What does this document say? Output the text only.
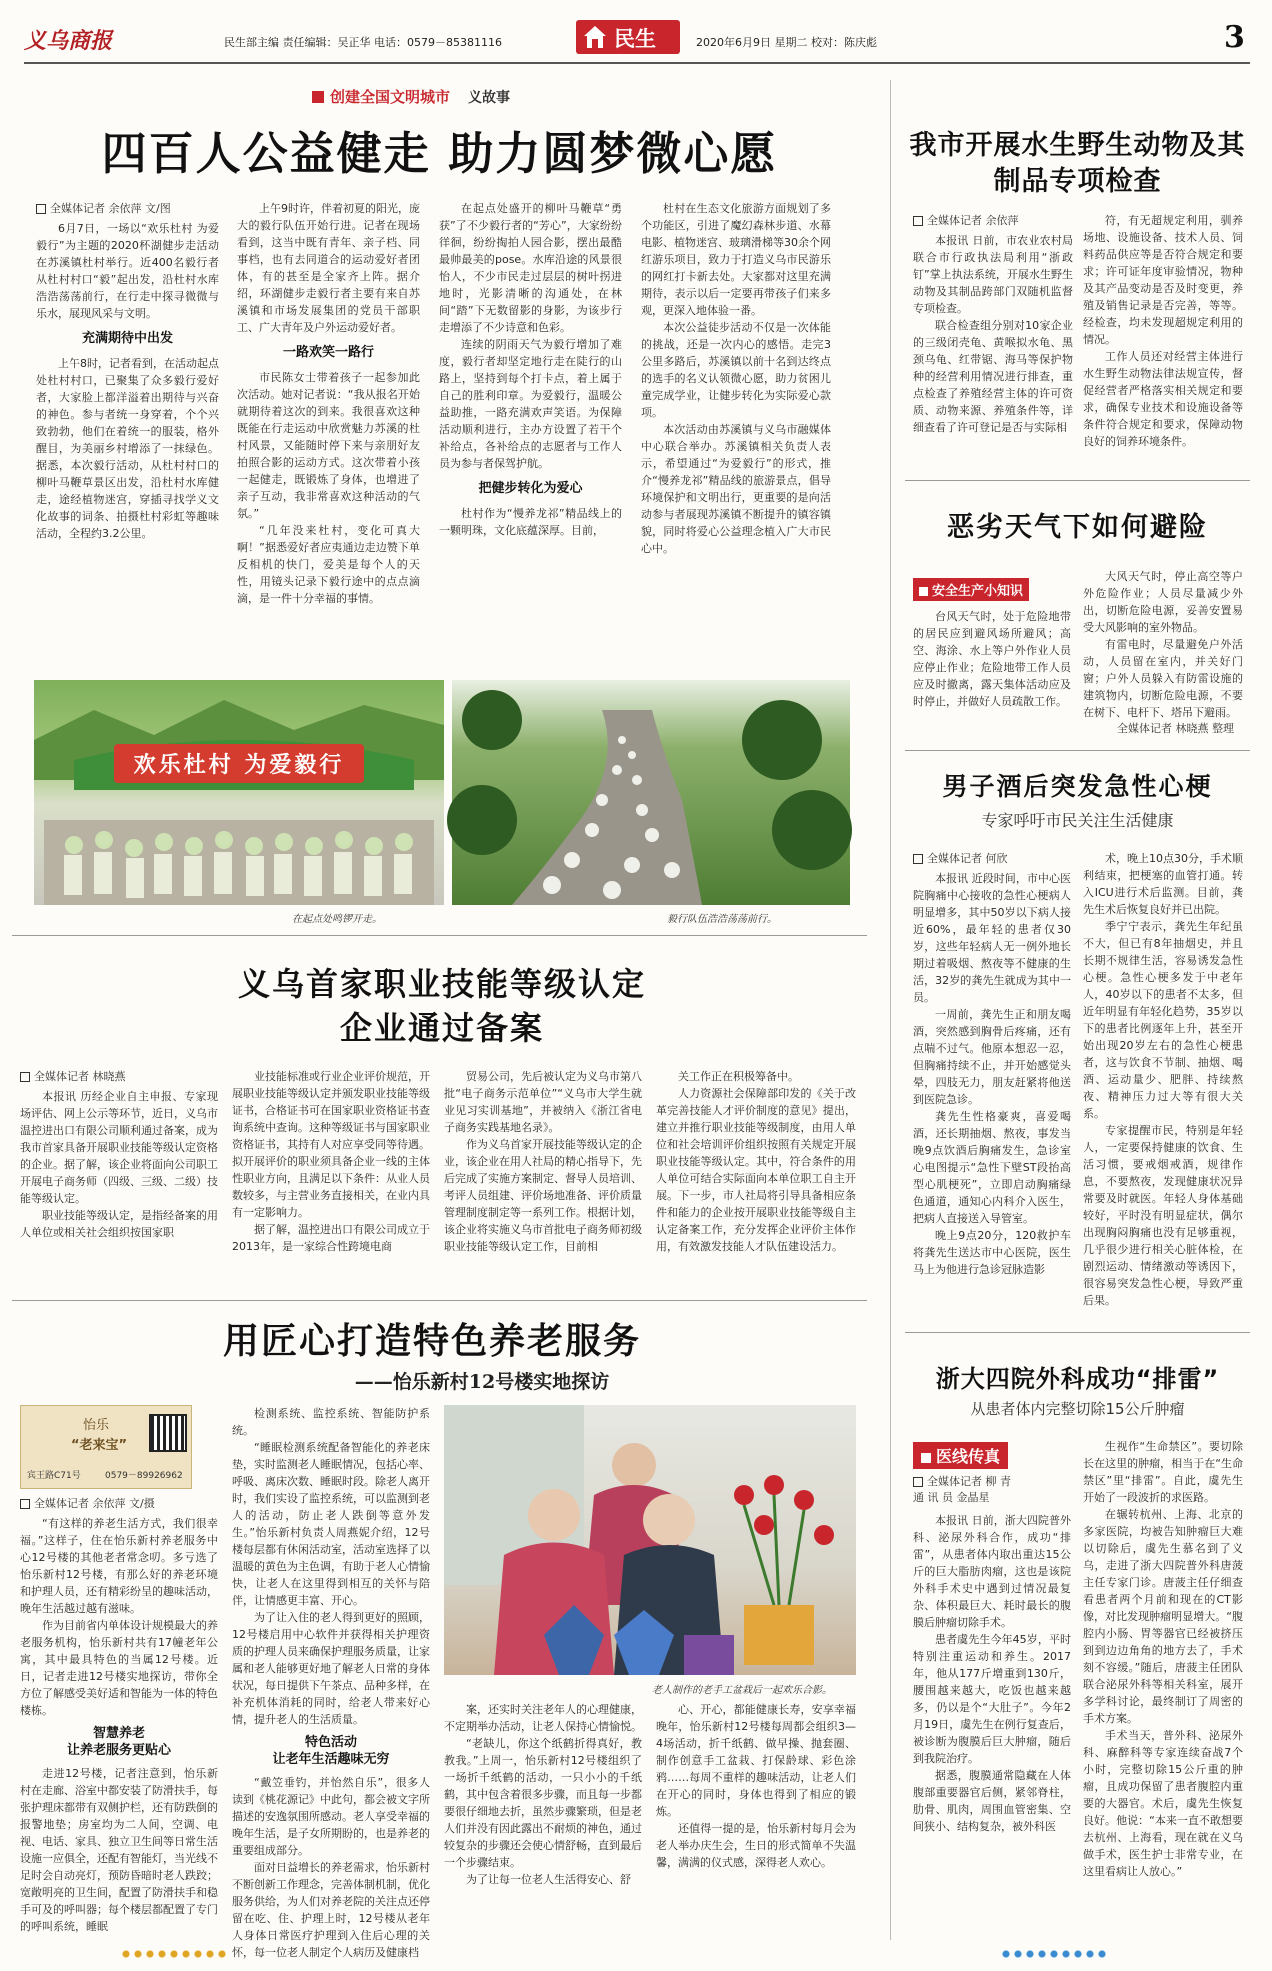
义乌商报	民生部主编 责任编辑：吴正华 电话：0579－85381116	民生	2020年6月9日 星期二 校对：陈庆彪	3
创建全国文明城市 义故事
四百人公益健走 助力圆梦微心愿
全媒体记者 余依萍 文/图

6月7日，一场以“欢乐杜村 为爱毅行”为主题的2020杯湖健步走活动在苏溪镇杜村举行。近400名毅行者从杜村村口“毅”起出发，沿杜村水库浩浩荡荡前行，在行走中探寻微微与乐水，展现风采与文明。

充满期待中出发

上午8时，记者看到，在活动起点处杜村村口，已聚集了众多毅行爱好者，大家脸上都洋溢着出期待与兴奋的神色。参与者统一身穿着，个个兴致勃勃，他们在着统一的服装，格外醒目，为美丽乡村增添了一抹绿色。据悉，本次毅行活动，从杜村村口的柳叶马鞭草景区出发，沿杜村水库健走，途经植物迷宫，穿插寻找学义文化故事的词条、拍摄杜村彩虹等趣味活动，全程约3.2公里。

上午9时许，伴着初夏的阳光，庞大的毅行队伍开始行进。记者在现场看到，这当中既有青年、亲子档、同事档，也有去同道合的运动爱好者团体，有的甚至是全家齐上阵。据介绍，环湖健步走毅行者主要有来自苏溪镇和市场发展集团的党员干部职工、广大青年及户外运动爱好者。

一路欢笑一路行

市民陈女士带着孩子一起参加此次活动。她对记者说：“我从报名开始就期待着这次的到来。我很喜欢这种既能在行走运动中欣赏魅力苏溪的杜村风景，又能随时停下来与亲朋好友拍照合影的运动方式。这次带着小孩一起健走，既锻炼了身体，也增进了亲子互动，我非常喜欢这种活动的气氛。”

“几年没来杜村，变化可真大啊！”据悉爱好者应夷通边走边赞下单反相机的快门，爱美是每个人的天性，用镜头记录下毅行途中的点点滴滴，是一件十分幸福的事情。

在起点处盛开的柳叶马鞭草“勇获”了不少毅行者的“芳心”，大家纷纷徉徊，纷纷掏拍人园合影，摆出最酷最帅最美的pose。水库沿途的风景很怡人，不少市民走过层层的树叶拐进地时，光影清晰的沟通处，在林间“踏”下无数留影的身影，为该步行走增添了不少诗意和色彩。

连续的阴雨天气为毅行增加了难度，毅行者却坚定地行走在陡行的山路上，坚持到每个打卡点，着上属于自己的胜利印章。为爱毅行，温暖公益助推，一路充满欢声笑语。为保障活动顺利进行，主办方设置了若干个补给点，各补给点的志愿者与工作人员为参与者保驾护航。

把健步转化为爱心

杜村作为“慢养龙祁”精品线上的一颗明珠，文化底蕴深厚。目前，

杜村在生态文化旅游方面规划了多个功能区，引进了魔幻森林步道、水幕电影、植物迷宫、玻璃滑梯等30余个网红游乐项目，致力于打造义乌市民游乐的网红打卡新去处。大家都对这里充满期待，表示以后一定要再带孩子们来多观，更深入地体验一番。

本次公益徒步活动不仅是一次体能的挑战，还是一次内心的感悟。走完3公里多路后，苏溪镇以前十名到达终点的选手的名义认领微心愿，助力贫困儿童完成学业，让健步转化为实际爱心款项。

本次活动由苏溪镇与义乌市融媒体中心联合举办。苏溪镇相关负责人表示，希望通过“为爱毅行”的形式，推介“慢养龙祁”精品线的旅游景点，倡导环境保护和文明出行，更重要的是向活动参与者展现苏溪镇不断提升的镇容镇貌，同时将爱心公益理念植入广大市民心中。

欢乐杜村 为爱毅行
在起点处鸣锣开走。	毅行队伍浩浩荡荡前行。
我市开展水生野生动物及其制品专项检查
全媒体记者 余依萍

本报讯 日前，市农业农村局联合市行政执法局利用“浙政钉”掌上执法系统，开展水生野生动物及其制品跨部门双随机监督专项检查。

联合检查组分别对10家企业的三级闭壳龟、黄喉拟水龟、黑颈乌龟、红带锯、海马等保护物种的经营利用情况进行排查，重点检查了养殖经营主体的许可资质、动物来源、养殖条件等，详细查看了许可登记是否与实际相

符，有无超规定利用，驯养场地、设施设备、技术人员、饲料药品供应等是否符合规定和要求；许可证年度审验情况，物种及其产品变动是否及时变更，养殖及销售记录是否完善，等等。经检查，均未发现超规定利用的情况。

工作人员还对经营主体进行水生野生动物法律法规宣传，督促经营者严格落实相关规定和要求，确保专业技术和设施设备等条件符合规定和要求，保障动物良好的饲养环境条件。

恶劣天气下如何避险
安全生产小知识

台风天气时，处于危险地带的居民应到避风场所避风；高空、海涂、水上等户外作业人员应停止作业；危险地带工作人员应及时撤离，露天集体活动应及时停止，并做好人员疏散工作。

大风天气时，停止高空等户外危险作业；人员尽量减少外出，切断危险电源，妥善安置易受大风影响的室外物品。

有雷电时，尽量避免户外活动，人员留在室内，并关好门窗；户外人员躲入有防雷设施的建筑物内，切断危险电源，不要在树下、电杆下、塔吊下避雨。

全媒体记者 林晓燕 整理
男子酒后突发急性心梗
专家呼吁市民关注生活健康
全媒体记者 何欣

本报讯 近段时间，市中心医院胸痛中心接收的急性心梗病人明显增多，其中50岁以下病人接近60%，最年轻的患者仅30岁，这些年轻病人无一例外地长期过着吸烟、熬夜等不健康的生活，32岁的龚先生就成为其中一员。

一周前，龚先生正和朋友喝酒，突然感到胸骨后疼痛，还有点喘不过气。他原本想忍一忍，但胸痛持续不止，并开始感觉头晕，四肢无力，朋友赶紧将他送到医院急诊。

龚先生性格豪爽，喜爱喝酒，还长期抽烟、熬夜，事发当晚9点饮酒后胸痛发生，急诊室心电图提示“急性下壁ST段抬高型心肌梗死”，立即启动胸痛绿色通道，通知心内科介入医生，把病人直接送入导管室。

晚上9点20分，120救护车将龚先生送达市中心医院，医生马上为他进行急诊冠脉造影

术，晚上10点30分，手术顺利结束，把梗塞的血管打通。转入ICU进行术后监测。目前，龚先生术后恢复良好并已出院。

季宁宁表示，龚先生年纪虽不大，但已有8年抽烟史，并且长期不规律生活，容易诱发急性心梗。急性心梗多发于中老年人，40岁以下的患者不太多，但近年明显有年轻化趋势，35岁以下的患者比例逐年上升，甚至开始出现20岁左右的急性心梗患者，这与饮食不节制、抽烟、喝酒、运动量少、肥胖、持续熬夜、精神压力过大等有很大关系。

专家提醒市民，特别是年轻人，一定要保持健康的饮食、生活习惯，要戒烟戒酒，规律作息，不要熬夜，发现健康状况异常要及时就医。年轻人身体基础较好，平时没有明显症状，偶尔出现胸闷胸痛也没有足够重视，几乎很少进行相关心脏体检，在剧烈运动、情绪激动等诱因下，很容易突发急性心梗，导致严重后果。

义乌首家职业技能等级认定企业通过备案
全媒体记者 林晓燕

本报讯 历经企业自主申报、专家现场评估、网上公示等环节，近日，义乌市温控进出口有限公司顺利通过备案，成为我市首家具备开展职业技能等级认定资格的企业。据了解，该企业将面向公司职工开展电子商务师（四级、三级、二级）技能等级认定。

职业技能等级认定，是指经备案的用人单位或相关社会组织按国家职

业技能标准或行业企业评价规范，开展职业技能等级认定并颁发职业技能等级证书，合格证书可在国家职业资格证书查询系统中查询。这种等级证书与国家职业资格证书，其持有人对应享受同等待遇。拟开展评价的职业须具备企业一线的主体性职业方向，且满足以下条件：从业人员数较多，与主营业务直接相关，在业内具有一定影响力。

据了解，温控进出口有限公司成立于2013年，是一家综合性跨境电商

贸易公司，先后被认定为义乌市第八批“电子商务示范单位”“义乌市大学生就业见习实训基地”，并被纳入《浙江省电子商务实践基地名录》。

作为义乌首家开展技能等级认定的企业，该企业在用人社局的精心指导下，先后完成了实施方案制定、督导人员培训、考评人员组建、评价场地准备、评价质量管理制度制定等一系列工作。根据计划，该企业将实施义乌市首批电子商务师初级职业技能等级认定工作，目前相

关工作正在积极筹备中。

人力资源社会保障部印发的《关于改革完善技能人才评价制度的意见》提出，建立并推行职业技能等级制度，由用人单位和社会培训评价组织按照有关规定开展职业技能等级认定。其中，符合条件的用人单位可结合实际面向本单位职工自主开展。下一步，市人社局将引导具备相应条件和能力的企业按开展职业技能等级自主认定备案工作，充分发挥企业评价主体作用，有效激发技能人才队伍建设活力。

用匠心打造特色养老服务
——怡乐新村12号楼实地探访
怡乐
“老来宝”
宾王路C71号	0579－89926962
全媒体记者 余依萍 文/摄

“有这样的养老生活方式，我们很幸福。”这样子，住在怡乐新村养老服务中心12号楼的其他老者常念叨。多亏选了怡乐新村12号楼，有那么好的养老环境和护理人员，还有精彩纷呈的趣味活动，晚年生活越过越有滋味。

作为目前省内单体设计规模最大的养老服务机构，怡乐新村共有17幢老年公寓，其中最具特色的当属12号楼。近日，记者走进12号楼实地探访，带你全方位了解感受美好适和智能为一体的特色楼栋。

智慧养老
让养老服务更贴心

走进12号楼，记者注意到，怡乐新村在走廊、浴室中都安装了防滑扶手，每张护理床都带有双侧护栏，还有防跌倒的报警地垫；房室均为二人间，空调、电视、电话、家具、独立卫生间等日常生活设施一应俱全，还配有智能灯，当光线不足时会自动亮灯，预防昏暗时老人跌跤；宽敞明亮的卫生间，配置了防滑扶手和稳手可及的呼叫器；每个楼层都配置了专门的呼叫系统，睡眠

检测系统、监控系统、智能防护系统。

“睡眠检测系统配备智能化的养老床垫，实时监测老人睡眠情况，包括心率、呼吸、离床次数、睡眠时段。除老人离开时，我们实设了监控系统，可以监测到老人的活动，防止老人跌倒等意外发生。”怡乐新村负责人周燕妮介绍，12号楼每层都有休闲活动室，活动室选择了以温暖的黄色为主色调，有助于老人心情愉快，让老人在这里得到相互的关怀与陪伴，让情感更丰富、开心。

为了让入住的老人得到更好的照顾，12号楼启用中心软件并获得相关护理资质的护理人员来确保护理服务质量，让家属和老人能够更好地了解老人日常的身体状况，每日提供下午茶点、品种多样，在补充机体消耗的同时，给老人带来好心情，提升老人的生活质量。

特色活动
让老年生活趣味无穷

“戴笠垂钓，并怡然自乐”，很多人读到《桃花源记》中此句，都会被文字所描述的安逸氛围所感动。老人享受幸福的晚年生活，是子女所期盼的，也是养老的重要组成部分。

面对日益增长的养老需求，怡乐新村不断创新工作理念，完善体制机制，优化服务供给，为人们对养老院的关注点还停留在吃、住、护理上时，12号楼从老年人身体日常医疗护理到入住后心理的关怀，每一位老人制定个人病历及健康档

老人制作的老手工盆栽后一起欢乐合影。

案，还实时关注老年人的心理健康，不定期举办活动，让老人保持心情愉悦。

“老缺儿，你这个纸鹤折得真好，教教我。”上周一，怡乐新村12号楼组织了一场折千纸鹤的活动，一只小小的千纸鹤，其中包含着很多步骤，而且每一步都要很仔细地去折，虽然步骤繁琐，但是老人们并没有因此露出不耐烦的神色，通过较复杂的步骤还会使心情舒畅，直到最后一个步骤结束。

为了让每一位老人生活得安心、舒

心、开心，都能健康长寿，安享幸福晚年，怡乐新村12号楼每周都会组织3—4场活动，折千纸鹤、做早操、抛套圈、制作创意手工盆栽、打保龄球、彩色涂鸦……每周不重样的趣味活动，让老人们在开心的同时，身体也得到了相应的锻炼。

还值得一提的是，怡乐新村每月会为老人举办庆生会，生日的形式简单不失温馨，满满的仪式感，深得老人欢心。

浙大四院外科成功“排雷”
从患者体内完整切除15公斤肿瘤
医线传真
全媒体记者 柳 青
通 讯 员 金晶星

本报讯 日前，浙大四院普外科、泌尿外科合作，成功“排雷”，从患者体内取出重达15公斤的巨大脂肪肉瘤，这也是该院外科手术史中遇到过情况最复杂、体积最巨大、耗时最长的腹膜后肿瘤切除手术。

患者虞先生今年45岁，平时特别注重运动和养生。2017年，他从177斤增重到130斤，腰围越来越大，吃饭也越来越多，仍以是个“大肚子”。今年2月19日，虞先生在例行复查后，被诊断为腹膜后巨大肿瘤，随后到我院治疗。

据悉，腹膜通常隐藏在人体腹部重要器官后侧，紧邻脊柱，肋骨、肌肉，周围血管密集、空间狭小、结构复杂，被外科医

生视作“生命禁区”。要切除长在这里的肿瘤，相当于在“生命禁区”里“排雷”。自此，虞先生开始了一段波折的求医路。

在辗转杭州、上海、北京的多家医院，均被告知肿瘤巨大难以切除后，虞先生慕名到了义乌，走进了浙大四院普外科唐菠主任专家门诊。唐菠主任仔细查看患者两个月前和现在的CT影像，对比发现肿瘤明显增大。“腹腔内小肠、胃等器官已经被挤压到到边边角角的地方去了，手术刻不容缓。”随后，唐菠主任团队联合泌尿外科等相关科室，展开多学科讨论，最终制订了周密的手术方案。

手术当天，普外科、泌尿外科、麻醉科等专家连续奋战7个小时，完整切除15公斤重的肿瘤，且成功保留了患者腹腔内重要的大器官。术后，虞先生恢复良好。他说：“本来一直不敢想要去杭州、上海看，现在就在义乌做手术，医生护士非常专业，在这里看病让人放心。”
